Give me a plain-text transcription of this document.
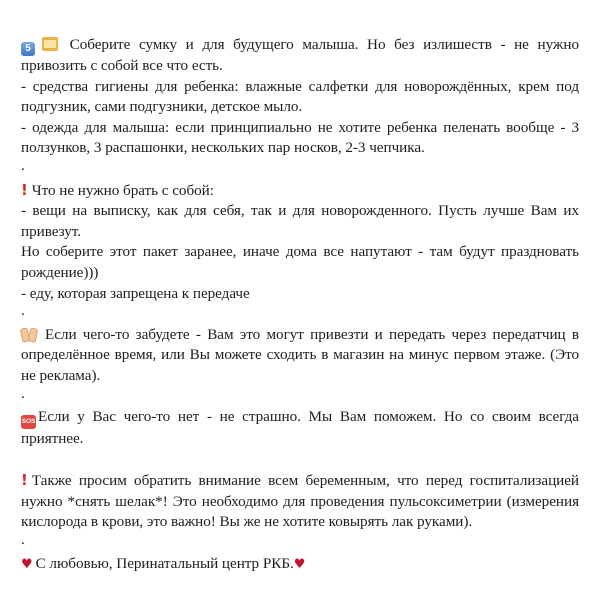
5	Соберите сумку и для будущего малыша. Но без излишеств - не нужно привозить с собой все что есть.

- средства гигиены для ребенка: влажные салфетки для новорождённых, крем под подгузник, сами подгузники, детское мыло.

- одежда для малыша: если принципиально не хотите ребенка пеленать вообще - 3 ползунков, 3 распашонки, нескольких пар носков, 2-3 чепчика.

.

! Что не нужно брать с собой:

- вещи на выписку, как для себя, так и для новорожденного. Пусть лучше Вам их привезут.

Но соберите этот пакет заранее, иначе дома все напутают - там будут праздновать рождение)))

- еду, которая запрещена к передаче

.

Если чего-то забудете - Вам это могут привезти и передать через передатчиц в определённое время, или Вы можете сходить в магазин на минус первом этаже. (Это не реклама).

.

SOS Если у Вас чего-то нет - не страшно. Мы Вам поможем. Но со своим всегда приятнее.

! Также просим обратить внимание всем беременным, что перед госпитализацией нужно *снять шелак*! Это необходимо для проведения пульсоксиметрии (измерения кислорода в крови, это важно! Вы же не хотите ковырять лак руками).

.

♥ С любовью, Перинатальный центр РКБ.♥
